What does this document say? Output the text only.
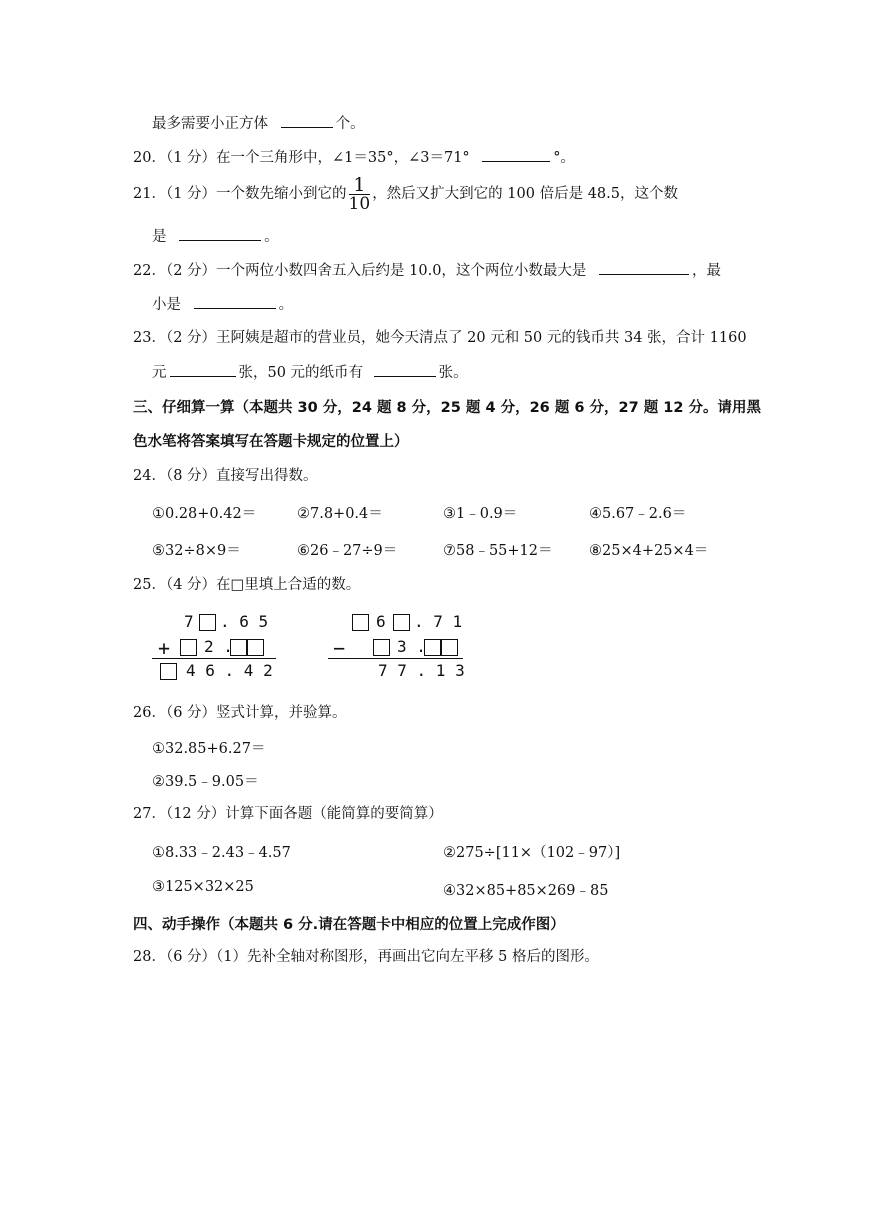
最多需要小正方体	个。
20．（1 分）在一个三角形中，∠1＝35°，∠3＝71°	°。
21．（1 分）一个数先缩小到它的 $\frac{1}{10}$ ，然后又扩大到它的 100 倍后是 48.5，这个数
是	。
22．（2 分）一个两位小数四舍五入后约是 10.0，这个两位小数最大是	，最
小是	。
23．（2 分）王阿姨是超市的营业员，她今天清点了 20 元和 50 元的钱币共 34 张，合计 1160
元	张，50 元的纸币有	张。
三、仔细算一算（本题共 30 分，24 题 8 分，25 题 4 分，26 题 6 分，27 题 12 分。请用黑
色水笔将答案填写在答题卡规定的位置上）
24．（8 分）直接写出得数。
①0.28+0.42＝	②7.8+0.4＝	③1﹣0.9＝	④5.67﹣2.6＝
⑤32÷8×9＝	⑥26﹣27÷9＝	⑦58﹣55+12＝	⑧25×4+25×4＝
25．（4 分）在□里填上合适的数。
7 . 6 5
+ 2 .
4 6 . 4 2
6 . 7 1
−	3 .
7 7 . 1 3
26．（6 分）竖式计算，并验算。
①32.85+6.27＝
②39.5﹣9.05＝
27．（12 分）计算下面各题（能简算的要简算）
①8.33﹣2.43﹣4.57	②275÷[11×（102﹣97）]
③125×32×25	④32×85+85×269﹣85
四、动手操作（本题共 6 分.请在答题卡中相应的位置上完成作图）
28．（6 分）（1）先补全轴对称图形，再画出它向左平移 5 格后的图形。
